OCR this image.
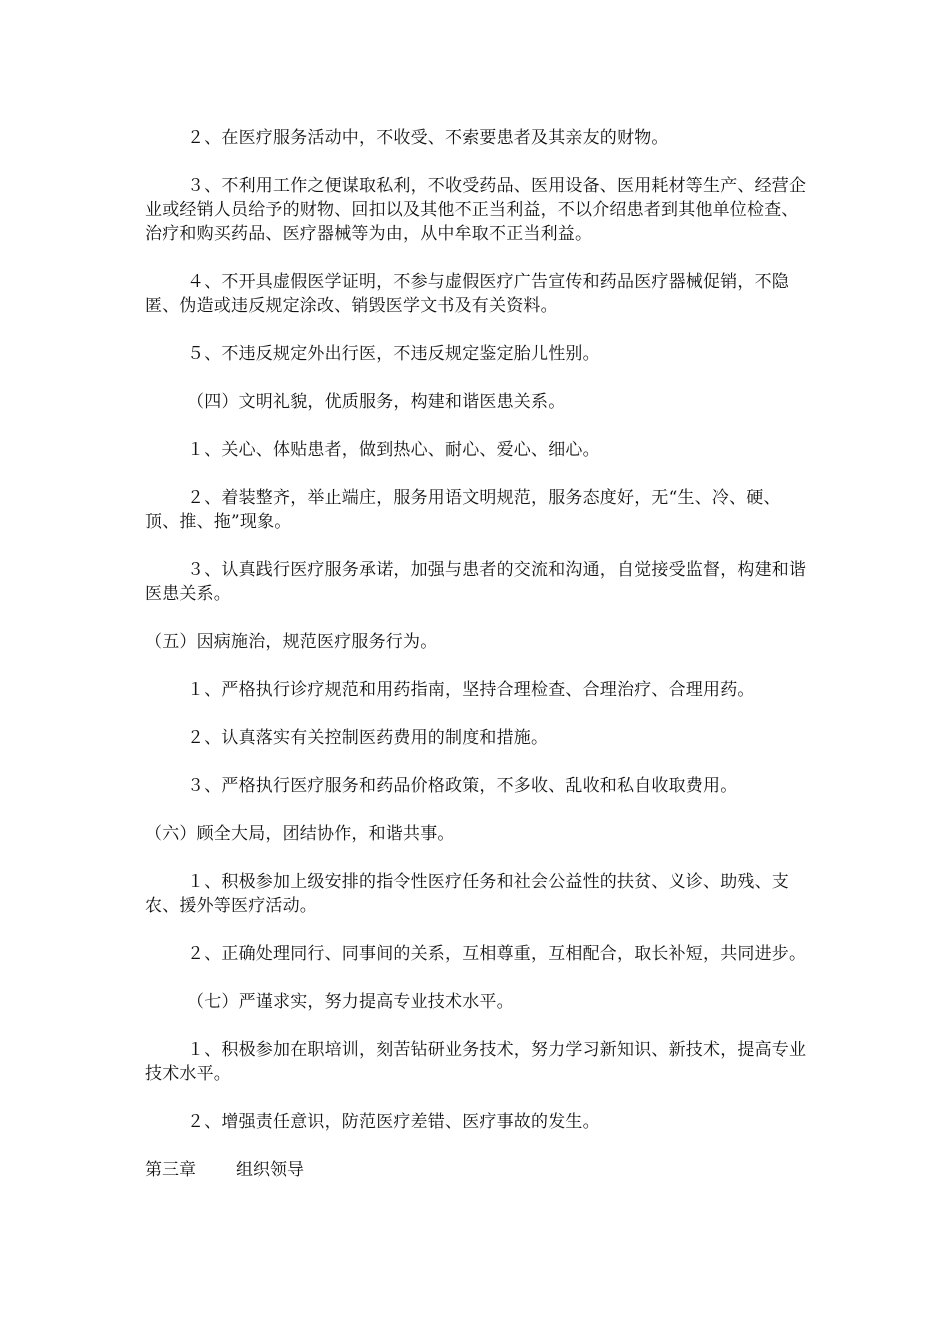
２、在医疗服务活动中，不收受、不索要患者及其亲友的财物。

３、不利用工作之便谋取私利，不收受药品、医用设备、医用耗材等生产、经营企业或经销人员给予的财物、回扣以及其他不正当利益，不以介绍患者到其他单位检查、治疗和购买药品、医疗器械等为由，从中牟取不正当利益。

４、不开具虚假医学证明，不参与虚假医疗广告宣传和药品医疗器械促销，不隐匿、伪造或违反规定涂改、销毁医学文书及有关资料。

５、不违反规定外出行医，不违反规定鉴定胎儿性别。

（四）文明礼貌，优质服务，构建和谐医患关系。

１、关心、体贴患者，做到热心、耐心、爱心、细心。

２、着装整齐，举止端庄，服务用语文明规范，服务态度好，无“生、冷、硬、顶、推、拖”现象。

３、认真践行医疗服务承诺，加强与患者的交流和沟通，自觉接受监督，构建和谐医患关系。

（五）因病施治，规范医疗服务行为。

１、严格执行诊疗规范和用药指南，坚持合理检查、合理治疗、合理用药。

２、认真落实有关控制医药费用的制度和措施。

３、严格执行医疗服务和药品价格政策，不多收、乱收和私自收取费用。

（六）顾全大局，团结协作，和谐共事。

１、积极参加上级安排的指令性医疗任务和社会公益性的扶贫、义诊、助残、支农、援外等医疗活动。

２、正确处理同行、同事间的关系，互相尊重，互相配合，取长补短，共同进步。

（七）严谨求实，努力提高专业技术水平。

１、积极参加在职培训，刻苦钻研业务技术，努力学习新知识、新技术，提高专业技术水平。

２、增强责任意识，防范医疗差错、医疗事故的发生。

第三章 组织领导
